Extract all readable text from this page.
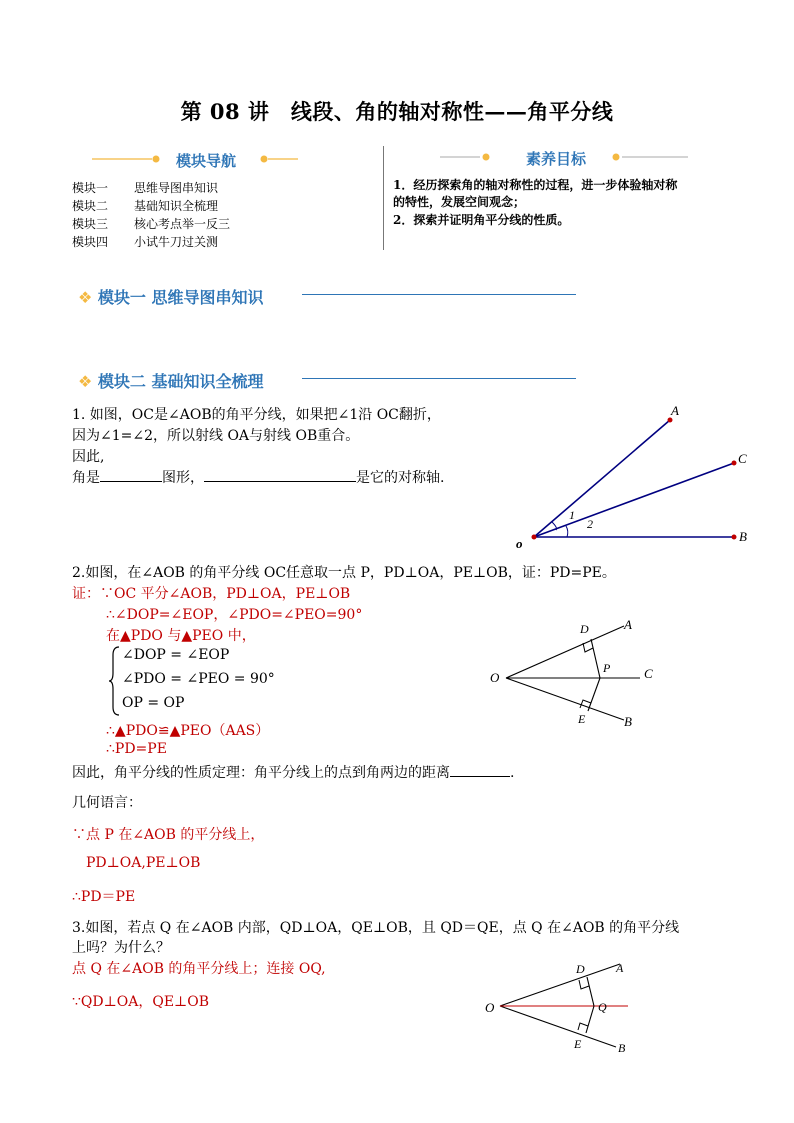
第 08 讲　线段、角的轴对称性——角平分线
模块导航
模块一 思维导图串知识
模块二 基础知识全梳理
模块三 核心考点举一反三
模块四 小试牛刀过关测
素养目标
1．经历探索角的轴对称性的过程，进一步体验轴对称
的特性，发展空间观念；
2．探索并证明角平分线的性质。
❖ 模块一 思维导图串知识
❖ 模块二 基础知识全梳理
1. 如图，OC是∠AOB的角平分线，如果把∠1沿 OC翻折，
因为∠1=∠2，所以射线 OA与射线 OB重合。
因此,
角是	图形，	是它的对称轴.
A
C
B
o
1
2
2.如图，在∠AOB 的角平分线 OC任意取一点 P，PD⊥OA，PE⊥OB，证：PD=PE。
证：∵OC 平分∠AOB，PD⊥OA，PE⊥OB
∴∠DOP=∠EOP，∠PDO=∠PEO=90°
在▲PDO 与▲PEO 中，
∠DOP = ∠EOP
∠PDO = ∠PEO = 90°
OP = OP
∴▲PDO≌▲PEO（AAS）
∴PD=PE
因此，角平分线的性质定理：角平分线上的点到角两边的距离	.
几何语言：
∵点 P 在∠AOB 的平分线上，
PD⊥OA,PE⊥OB
∴PD＝PE
O
A
B
C
D
E
P
3.如图，若点 Q 在∠AOB 内部，QD⊥OA，QE⊥OB，且 QD＝QE，点 Q 在∠AOB 的角平分线
上吗？为什么？
点 Q 在∠AOB 的角平分线上；连接 OQ,
∵QD⊥OA，QE⊥OB	O
A
B
D
E
Q
